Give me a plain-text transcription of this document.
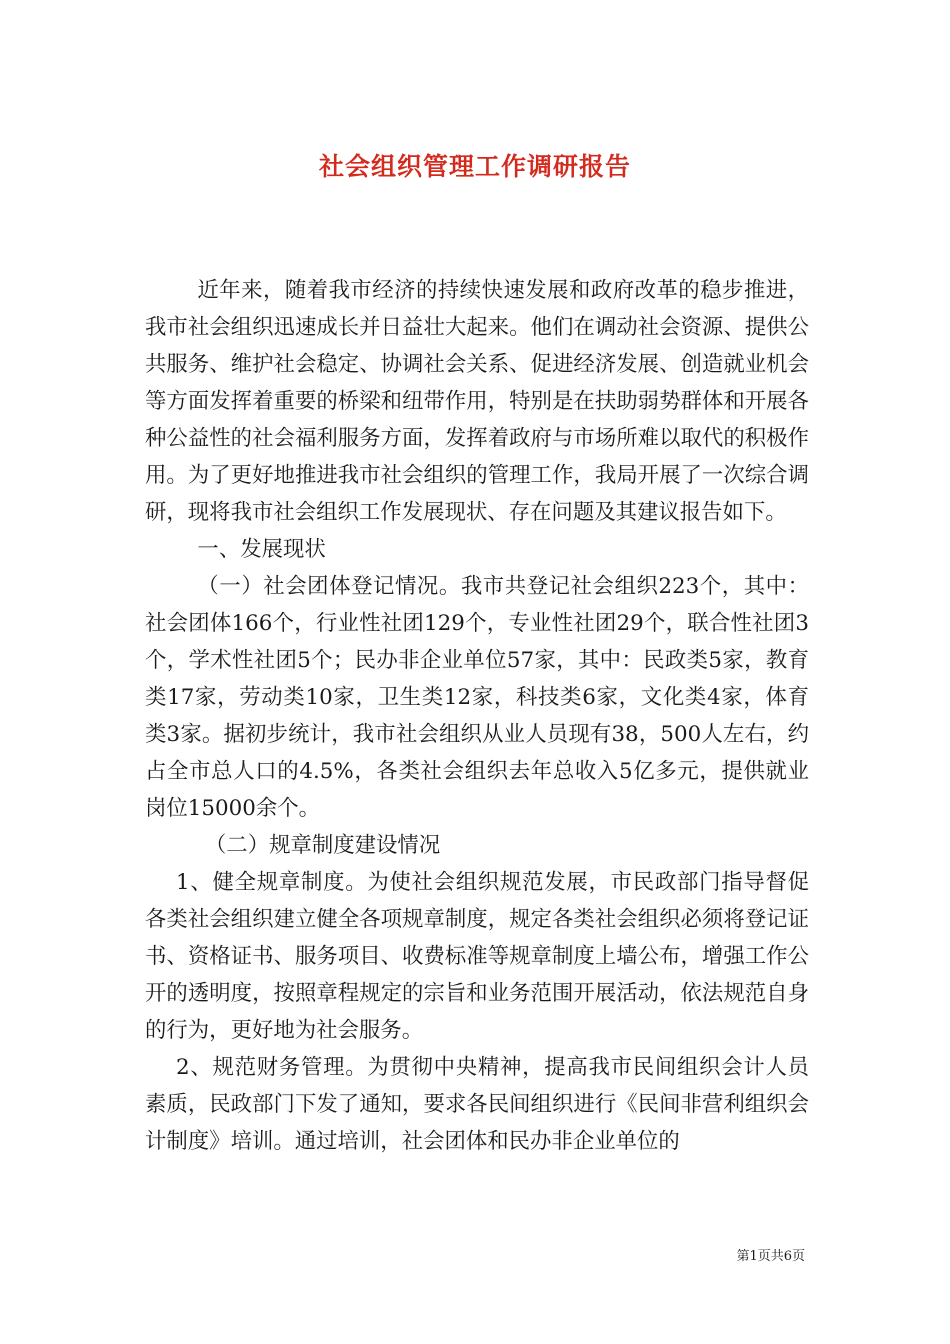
社会组织管理工作调研报告

近年来，随着我市经济的持续快速发展和政府改革的稳步推进，我市社会组织迅速成长并日益壮大起来。他们在调动社会资源、提供公共服务、维护社会稳定、协调社会关系、促进经济发展、创造就业机会等方面发挥着重要的桥梁和纽带作用，特别是在扶助弱势群体和开展各种公益性的社会福利服务方面，发挥着政府与市场所难以取代的积极作用。为了更好地推进我市社会组织的管理工作，我局开展了一次综合调研，现将我市社会组织工作发展现状、存在问题及其建议报告如下。

一、发展现状

（一）社会团体登记情况。我市共登记社会组织223个，其中：社会团体166个，行业性社团129个，专业性社团29个，联合性社团3个，学术性社团5个；民办非企业单位57家，其中：民政类5家，教育类17家，劳动类10家，卫生类12家，科技类6家，文化类4家，体育类3家。据初步统计，我市社会组织从业人员现有38，500人左右，约占全市总人口的4.5%，各类社会组织去年总收入5亿多元，提供就业岗位15000余个。

（二）规章制度建设情况

1、健全规章制度。为使社会组织规范发展，市民政部门指导督促各类社会组织建立健全各项规章制度，规定各类社会组织必须将登记证书、资格证书、服务项目、收费标准等规章制度上墙公布，增强工作公开的透明度，按照章程规定的宗旨和业务范围开展活动，依法规范自身的行为，更好地为社会服务。

2、规范财务管理。为贯彻中央精神，提高我市民间组织会计人员素质，民政部门下发了通知，要求各民间组织进行《民间非营利组织会计制度》培训。通过培训，社会团体和民办非企业单位的

第1页共6页
